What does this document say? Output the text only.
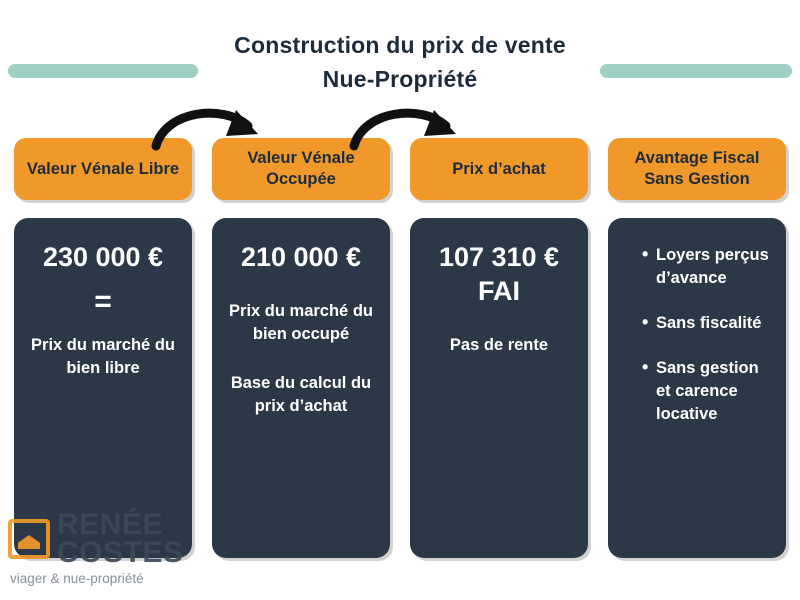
Construction du prix de vente
Nue-Propriété
Valeur Vénale Libre
230 000 €
=
Prix du marché du bien libre
Valeur Vénale Occupée
210 000 €
Prix du marché du bien occupé
Base du calcul du prix d’achat
Prix d’achat
107 310 €
FAI
Pas de rente
Avantage Fiscal Sans Gestion
• Loyers perçus d’avance
• Sans fiscalité
• Sans gestion et carence locative
RENÉE
COSTES
viager & nue-propriété
